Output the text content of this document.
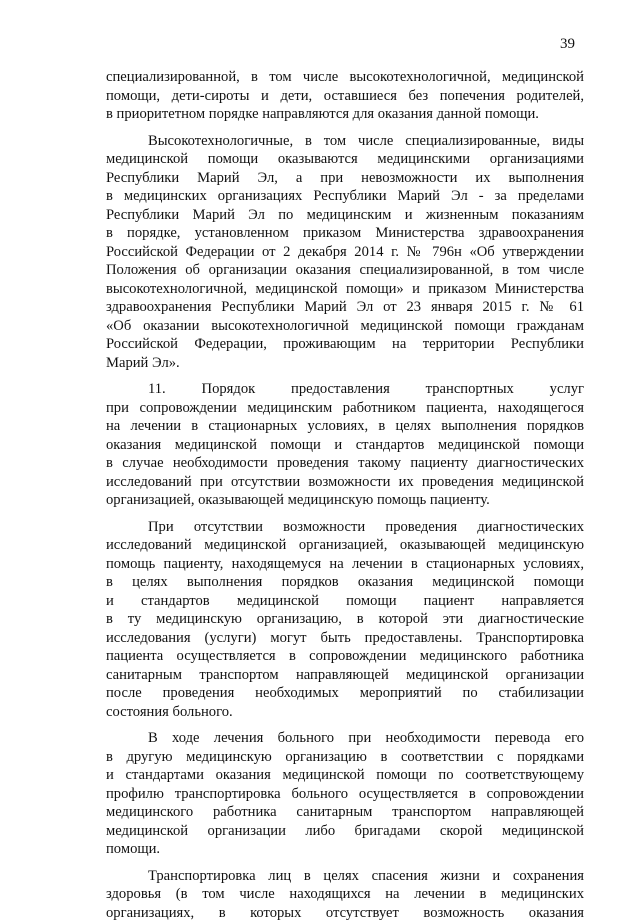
39
специализированной, в том числе высокотехнологичной, медицинской
помощи, дети-сироты и дети, оставшиеся без попечения родителей,
в приоритетном порядке направляются для оказания данной помощи.
Высокотехнологичные, в том числе специализированные, виды
медицинской помощи оказываются медицинскими организациями
Республики Марий Эл, а при невозможности их выполнения
в медицинских организациях Республики Марий Эл - за пределами
Республики Марий Эл по медицинским и жизненным показаниям
в порядке, установленном приказом Министерства здравоохранения
Российской Федерации от 2 декабря 2014 г. № 796н «Об утверждении
Положения об организации оказания специализированной, в том числе
высокотехнологичной, медицинской помощи» и приказом Министерства
здравоохранения Республики Марий Эл от 23 января 2015 г. № 61
«Об оказании высокотехнологичной медицинской помощи гражданам
Российской Федерации, проживающим на территории Республики
Марий Эл».
11. Порядок предоставления транспортных услуг
при сопровождении медицинским работником пациента, находящегося
на лечении в стационарных условиях, в целях выполнения порядков
оказания медицинской помощи и стандартов медицинской помощи
в случае необходимости проведения такому пациенту диагностических
исследований при отсутствии возможности их проведения медицинской
организацией, оказывающей медицинскую помощь пациенту.
При отсутствии возможности проведения диагностических
исследований медицинской организацией, оказывающей медицинскую
помощь пациенту, находящемуся на лечении в стационарных условиях,
в целях выполнения порядков оказания медицинской помощи
и стандартов медицинской помощи пациент направляется
в ту медицинскую организацию, в которой эти диагностические
исследования (услуги) могут быть предоставлены. Транспортировка
пациента осуществляется в сопровождении медицинского работника
санитарным транспортом направляющей медицинской организации
после проведения необходимых мероприятий по стабилизации
состояния больного.
В ходе лечения больного при необходимости перевода его
в другую медицинскую организацию в соответствии с порядками
и стандартами оказания медицинской помощи по соответствующему
профилю транспортировка больного осуществляется в сопровождении
медицинского работника санитарным транспортом направляющей
медицинской организации либо бригадами скорой медицинской
помощи.
Транспортировка лиц в целях спасения жизни и сохранения
здоровья (в том числе находящихся на лечении в медицинских
организациях, в которых отсутствует возможность оказания
